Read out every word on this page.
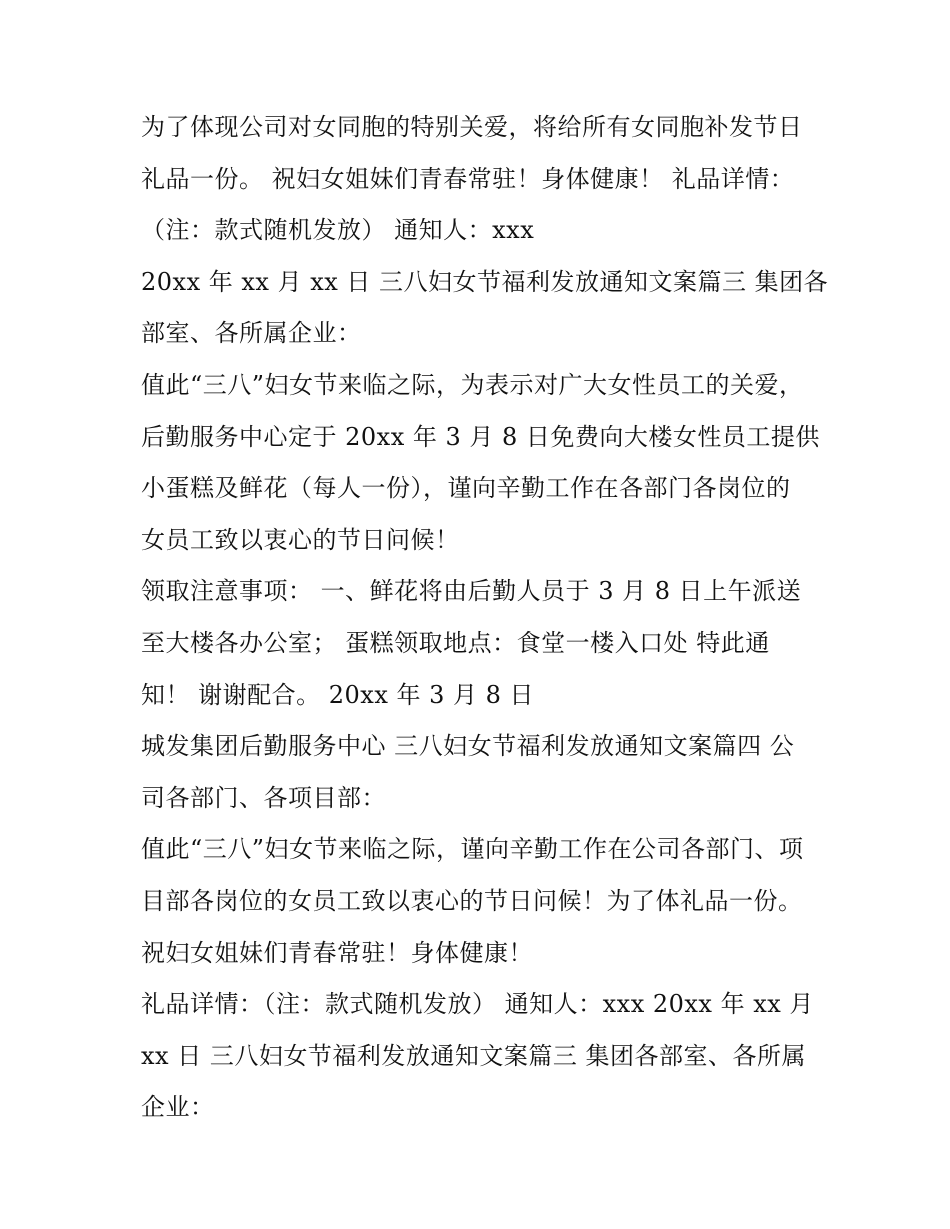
为了体现公司对女同胞的特别关爱，将给所有女同胞补发节日
礼品一份。 祝妇女姐妹们青春常驻！身体健康！ 礼品详情：
（注：款式随机发放） 通知人：xxx
20xx 年 xx 月 xx 日 三八妇女节福利发放通知文案篇三 集团各
部室、各所属企业：
值此“三八”妇女节来临之际，为表示对广大女性员工的关爱，
后勤服务中心定于 20xx 年 3 月 8 日免费向大楼女性员工提供
小蛋糕及鲜花（每人一份），谨向辛勤工作在各部门各岗位的
女员工致以衷心的节日问候！
领取注意事项： 一、鲜花将由后勤人员于 3 月 8 日上午派送
至大楼各办公室； 蛋糕领取地点：食堂一楼入口处 特此通
知！ 谢谢配合。 20xx 年 3 月 8 日
城发集团后勤服务中心 三八妇女节福利发放通知文案篇四 公
司各部门、各项目部：
值此“三八”妇女节来临之际，谨向辛勤工作在公司各部门、项
目部各岗位的女员工致以衷心的节日问候！为了体礼品一份。
祝妇女姐妹们青春常驻！身体健康！
礼品详情：（注：款式随机发放） 通知人：xxx 20xx 年 xx 月
xx 日 三八妇女节福利发放通知文案篇三 集团各部室、各所属
企业：
